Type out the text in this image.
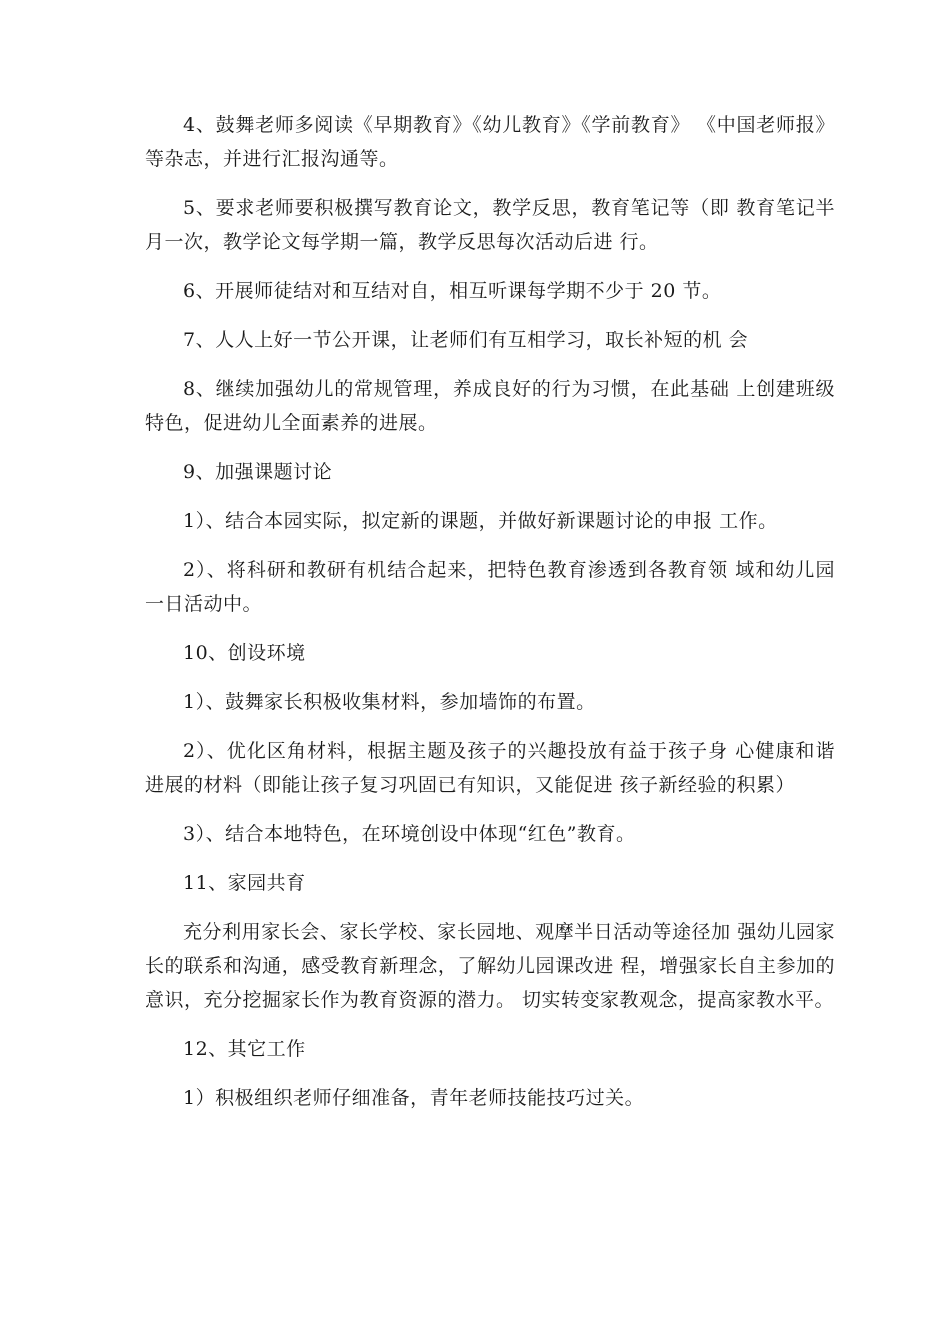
4、鼓舞老师多阅读《早期教育》《幼儿教育》《学前教育》 《中国老师报》等杂志，并进行汇报沟通等。

5、要求老师要积极撰写教育论文，教学反思，教育笔记等（即 教育笔记半月一次，教学论文每学期一篇，教学反思每次活动后进 行。

6、开展师徒结对和互结对自，相互听课每学期不少于 20 节。

7、人人上好一节公开课，让老师们有互相学习，取长补短的机 会

8、继续加强幼儿的常规管理，养成良好的行为习惯，在此基础 上创建班级特色，促进幼儿全面素养的进展。

9、加强课题讨论

1）、结合本园实际，拟定新的课题，并做好新课题讨论的申报 工作。

2）、将科研和教研有机结合起来，把特色教育渗透到各教育领 域和幼儿园一日活动中。

10、创设环境

1）、鼓舞家长积极收集材料，参加墙饰的布置。

2）、优化区角材料，根据主题及孩子的兴趣投放有益于孩子身 心健康和谐进展的材料（即能让孩子复习巩固已有知识，又能促进 孩子新经验的积累）

3）、结合本地特色，在环境创设中体现“红色”教育。

11、家园共育

充分利用家长会、家长学校、家长园地、观摩半日活动等途径加 强幼儿园家长的联系和沟通，感受教育新理念，了解幼儿园课改进 程，增强家长自主参加的意识，充分挖掘家长作为教育资源的潜力。 切实转变家教观念，提高家教水平。

12、其它工作

1）积极组织老师仔细准备，青年老师技能技巧过关。
